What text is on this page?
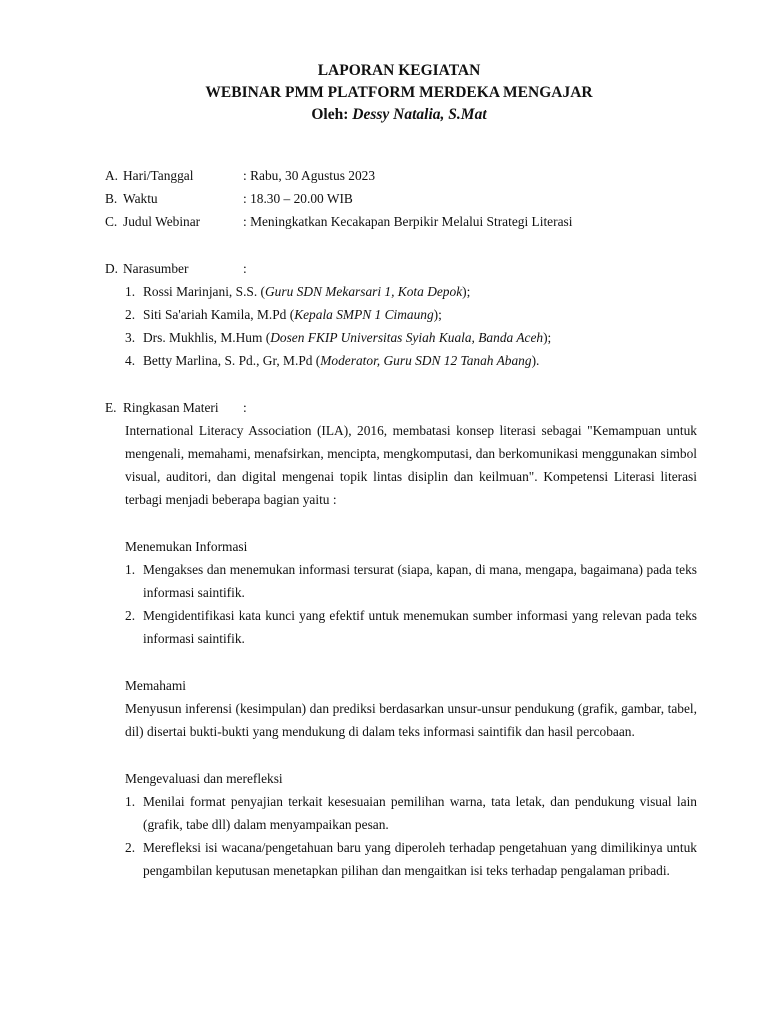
LAPORAN KEGIATAN
WEBINAR PMM PLATFORM MERDEKA MENGAJAR
Oleh: Dessy Natalia, S.Mat
A. Hari/Tanggal	: Rabu, 30 Agustus 2023
B. Waktu	: 18.30 – 20.00 WIB
C. Judul Webinar	: Meningkatkan Kecakapan Berpikir Melalui Strategi Literasi
D. Narasumber	:
1. Rossi Marinjani, S.S. (Guru SDN Mekarsari 1, Kota Depok);
2. Siti Sa'ariah Kamila, M.Pd (Kepala SMPN 1 Cimaung);
3. Drs. Mukhlis, M.Hum (Dosen FKIP Universitas Syiah Kuala, Banda Aceh);
4. Betty Marlina, S. Pd., Gr, M.Pd (Moderator, Guru SDN 12 Tanah Abang).
E. Ringkasan Materi	:
International Literacy Association (ILA), 2016, membatasi konsep literasi sebagai "Kemampuan untuk mengenali, memahami, menafsirkan, mencipta, mengkomputasi, dan berkomunikasi menggunakan simbol visual, auditori, dan digital mengenai topik lintas disiplin dan keilmuan". Kompetensi Literasi literasi terbagi menjadi beberapa bagian yaitu :
Menemukan Informasi
1. Mengakses dan menemukan informasi tersurat (siapa, kapan, di mana, mengapa, bagaimana) pada teks informasi saintifik.
2. Mengidentifikasi kata kunci yang efektif untuk menemukan sumber informasi yang relevan pada teks informasi saintifik.
Memahami
Menyusun inferensi (kesimpulan) dan prediksi berdasarkan unsur-unsur pendukung (grafik, gambar, tabel, dil) disertai bukti-bukti yang mendukung di dalam teks informasi saintifik dan hasil percobaan.
Mengevaluasi dan merefleksi
1. Menilai format penyajian terkait kesesuaian pemilihan warna, tata letak, dan pendukung visual lain (grafik, tabe dll) dalam menyampaikan pesan.
2. Merefleksi isi wacana/pengetahuan baru yang diperoleh terhadap pengetahuan yang dimilikinya untuk pengambilan keputusan menetapkan pilihan dan mengaitkan isi teks terhadap pengalaman pribadi.
